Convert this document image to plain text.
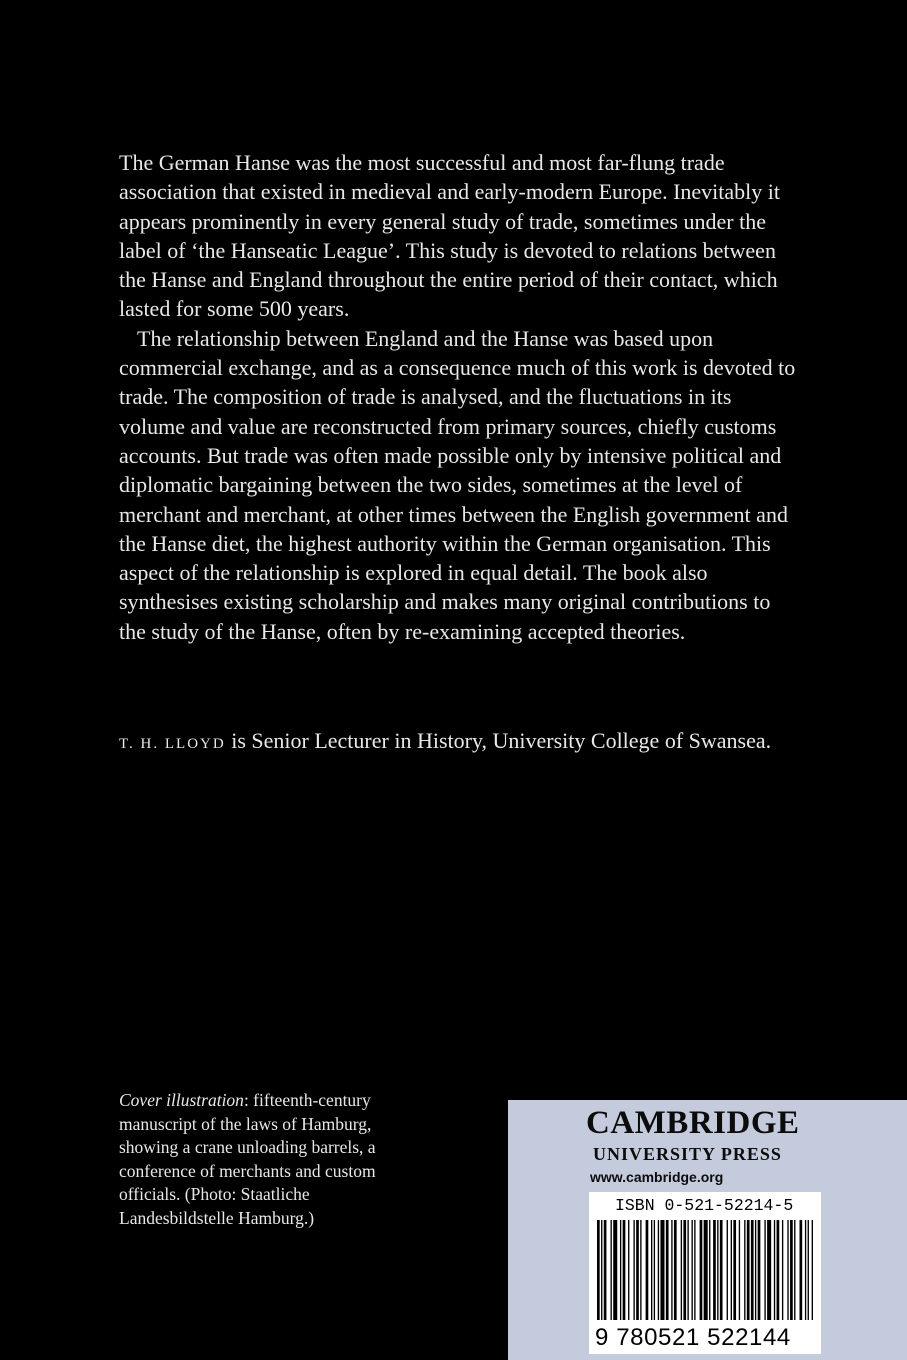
The German Hanse was the most successful and most far-flung trade association that existed in medieval and early-modern Europe. Inevitably it appears prominently in every general study of trade, sometimes under the label of ‘the Hanseatic League’. This study is devoted to relations between the Hanse and England throughout the entire period of their contact, which lasted for some 500 years.

The relationship between England and the Hanse was based upon commercial exchange, and as a consequence much of this work is devoted to trade. The composition of trade is analysed, and the fluctuations in its volume and value are reconstructed from primary sources, chiefly customs accounts. But trade was often made possible only by intensive political and diplomatic bargaining between the two sides, sometimes at the level of merchant and merchant, at other times between the English government and the Hanse diet, the highest authority within the German organisation. This aspect of the relationship is explored in equal detail. The book also synthesises existing scholarship and makes many original contributions to the study of the Hanse, often by re-examining accepted theories.

T. H. LLOYD is Senior Lecturer in History, University College of Swansea.
Cover illustration: fifteenth-century manuscript of the laws of Hamburg, showing a crane unloading barrels, a conference of merchants and custom officials. (Photo: Staatliche Landesbildstelle Hamburg.)
CAMBRIDGE
UNIVERSITY PRESS
www.cambridge.org
ISBN 0-521-52214-5
9 780521 522144
